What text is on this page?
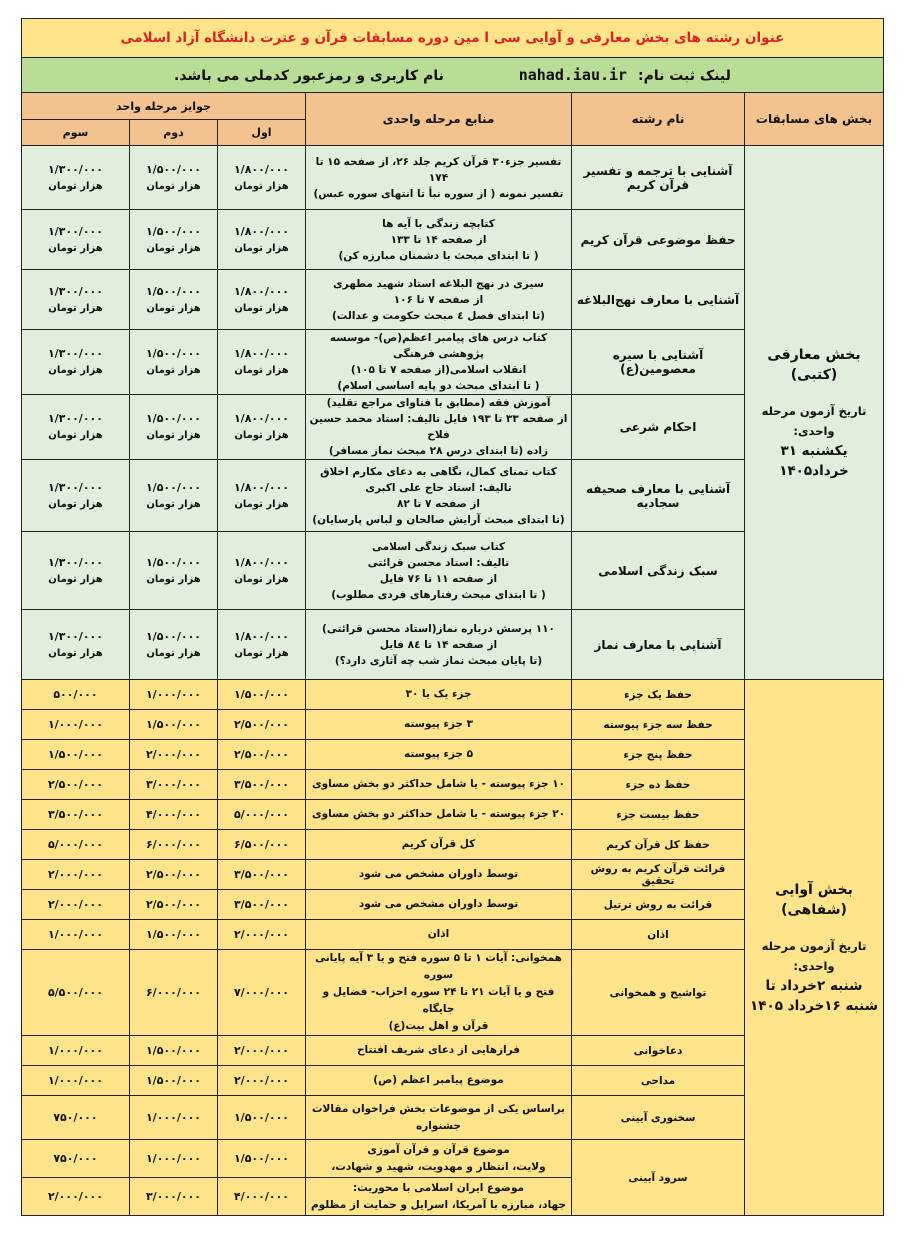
عنوان رشته های بخش معارفی و آوایی سی ا مین دوره مسابقات قرآن و عترت دانشگاه آزاد اسلامی					
لینک ثبت نام: nahad.iau.ir نام کاربری و رمزعبور کدملی می باشد.					
بخش های مسابقات	نام رشته	منابع مرحله واحدی	جوایز مرحله واحد		
			اول	دوم	سوم

بخش معارفی
(کتبی)
تاریخ آزمون مرحله واحدی:
یکشنبه ۳۱ خرداد۱۴۰۵	آشنایی با ترجمه و تفسیر قرآن کریم	تفسیر جزء۳۰ قرآن کریم جلد ۲۶، از صفحه ۱۵ تا ۱۷۴
تفسیر نمونه ( از سوره نبأ تا انتهای سوره عبس)	۱/۸۰۰/۰۰۰
هزار تومان	۱/۵۰۰/۰۰۰
هزار تومان	۱/۳۰۰/۰۰۰
هزار تومان

	حفظ موضوعی قرآن کریم	کتابچه زندگی با آیه ها
از صفحه ۱۴ تا ۱۳۳
( تا ابتدای مبحث با دشمنان مبارزه کن)	۱/۸۰۰/۰۰۰
هزار تومان	۱/۵۰۰/۰۰۰
هزار تومان	۱/۳۰۰/۰۰۰
هزار تومان

	آشنایی با معارف نهج‌البلاغه	سیری در نهج البلاغه استاد شهید مطهری
از صفحه ۷ تا ۱۰۶
(تا ابتدای فصل ٤ مبحث حکومت و عدالت)	۱/۸۰۰/۰۰۰
هزار تومان	۱/۵۰۰/۰۰۰
هزار تومان	۱/۳۰۰/۰۰۰
هزار تومان

	آشنایی با سیره معصومین(ع)	کتاب درس های پیامبر اعظم(ص)- موسسه پژوهشی فرهنگی
انقلاب اسلامی(از صفحه ۷ تا ۱۰۵)
( تا ابتدای مبحث دو پایه اساسی اسلام)	۱/۸۰۰/۰۰۰
هزار تومان	۱/۵۰۰/۰۰۰
هزار تومان	۱/۳۰۰/۰۰۰
هزار تومان

	احکام شرعی	آموزش فقه (مطابق با فتاوای مراجع تقلید)
از صفحه ۳۳ تا ۱۹۳ فایل تالیف: استاد محمد حسین فلاح
زاده (تا ابتدای درس ۲۸ مبحث نماز مسافر)	۱/۸۰۰/۰۰۰
هزار تومان	۱/۵۰۰/۰۰۰
هزار تومان	۱/۳۰۰/۰۰۰
هزار تومان

	آشنایی با معارف صحیفه سجادیه	کتاب تمنای کمال، نگاهی به دعای مکارم اخلاق
تالیف: استاد حاج علی اکبری
از صفحه ۷ تا ۸۲
(تا ابتدای مبحث آرایش صالحان و لباس پارسایان)	۱/۸۰۰/۰۰۰
هزار تومان	۱/۵۰۰/۰۰۰
هزار تومان	۱/۳۰۰/۰۰۰
هزار تومان

	سبک زندگی اسلامی	کتاب سبک زندگی اسلامی
تالیف: استاد محسن قرائتی
از صفحه ۱۱ تا ۷۶ فایل
( تا ابتدای مبحث رفتارهای فردی مطلوب)	۱/۸۰۰/۰۰۰
هزار تومان	۱/۵۰۰/۰۰۰
هزار تومان	۱/۳۰۰/۰۰۰
هزار تومان

	آشنایی با معارف نماز	۱۱۰ پرسش درباره نماز(استاد محسن قرائتی)
از صفحه ۱۴ تا ۸٤ فایل
(تا پایان مبحث نماز شب چه آثاری دارد؟)	۱/۸۰۰/۰۰۰
هزار تومان	۱/۵۰۰/۰۰۰
هزار تومان	۱/۳۰۰/۰۰۰
هزار تومان

بخش آوایی
(شفاهی)
تاریخ آزمون مرحله واحدی:
شنبه ۲خرداد تا
شنبه ۱۶خرداد ۱۴۰۵	حفظ یک جزء	جزء یک یا ۳۰	۱/۵۰۰/۰۰۰	۱/۰۰۰/۰۰۰	۵۰۰/۰۰۰
	حفظ سه جزء پیوسته	۳ جزء پیوسته	۲/۵۰۰/۰۰۰	۱/۵۰۰/۰۰۰	۱/۰۰۰/۰۰۰
	حفظ پنج جزء	۵ جزء پیوسته	۲/۵۰۰/۰۰۰	۲/۰۰۰/۰۰۰	۱/۵۰۰/۰۰۰
	حفظ ده جزء	۱۰ جزء پیوسته - یا شامل حداکثر دو بخش مساوی	۳/۵۰۰/۰۰۰	۳/۰۰۰/۰۰۰	۲/۵۰۰/۰۰۰
	حفظ بیست جزء	۲۰ جزء پیوسته - یا شامل حداکثر دو بخش مساوی	۵/۰۰۰/۰۰۰	۴/۰۰۰/۰۰۰	۳/۵۰۰/۰۰۰
	حفظ کل قرآن کریم	کل قرآن کریم	۶/۵۰۰/۰۰۰	۶/۰۰۰/۰۰۰	۵/۰۰۰/۰۰۰
	قرائت قرآن کریم به روش تحقیق	توسط داوران مشخص می شود	۳/۵۰۰/۰۰۰	۲/۵۰۰/۰۰۰	۲/۰۰۰/۰۰۰
	قرائت به روش ترتیل	توسط داوران مشخص می شود	۳/۵۰۰/۰۰۰	۲/۵۰۰/۰۰۰	۲/۰۰۰/۰۰۰
	اذان	اذان	۲/۰۰۰/۰۰۰	۱/۵۰۰/۰۰۰	۱/۰۰۰/۰۰۰
	تواشیح و همخوانی	همخوانی: آیات ۱ تا ۵ سوره فتح و یا ۳ آیه پایانی سوره
فتح و یا آیات ۲۱ تا ۲۴ سوره احزاب- فضایل و جایگاه
قرآن و اهل بیت(ع)	۷/۰۰۰/۰۰۰	۶/۰۰۰/۰۰۰	۵/۵۰۰/۰۰۰
	دعاخوانی	فرازهایی از دعای شریف افتتاح	۲/۰۰۰/۰۰۰	۱/۵۰۰/۰۰۰	۱/۰۰۰/۰۰۰
	مداحی	موضوع پیامبر اعظم (ص)	۲/۰۰۰/۰۰۰	۱/۵۰۰/۰۰۰	۱/۰۰۰/۰۰۰
	سخنوری آیینی	براساس یکی از موضوعات بخش فراخوان مقالات
جشنواره	۱/۵۰۰/۰۰۰	۱/۰۰۰/۰۰۰	۷۵۰/۰۰۰
	سرود آیینی	موضوع قرآن و قرآن آموزی
ولایت، انتظار و مهدویت، شهید و شهادت،	۱/۵۰۰/۰۰۰	۱/۰۰۰/۰۰۰	۷۵۰/۰۰۰

		موضوع ایران اسلامی با محوریت:
جهاد، مبارزه با آمریکا، اسرایل و حمایت از مظلوم	۴/۰۰۰/۰۰۰	۳/۰۰۰/۰۰۰	۲/۰۰۰/۰۰۰
